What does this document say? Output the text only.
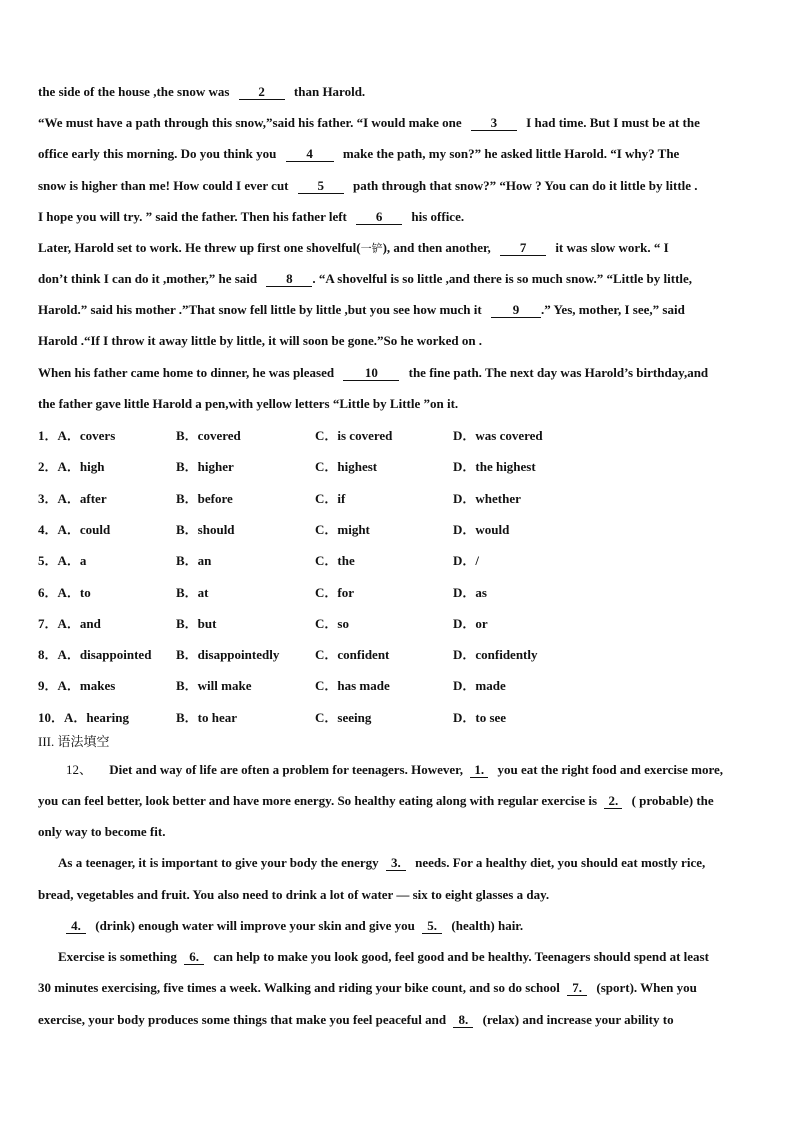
the side of the house ,the snow was 2 than Harold.
“We must have a path through this snow,”said his father. “I would make one 3 I had time. But I must be at the
office early this morning. Do you think you 4 make the path, my son?” he asked little Harold. “I why? The
snow is higher than me! How could I ever cut 5 path through that snow?” “How ? You can do it little by little .
I hope you will try. ” said the father. Then his father left 6 his office.
Later, Harold set to work. He threw up first one shovelful(一铲), and then another, 7 it was slow work. “ I
don’t think I can do it ,mother,” he said 8 . “A shovelful is so little ,and there is so much snow.” “Little by little,
Harold.” said his mother .”That snow fell little by little ,but you see how much it 9 .” Yes, mother, I see,” said
Harold .“If I throw it away little by little, it will soon be gone.”So he worked on .
When his father came home to dinner, he was pleased 10 the fine path. The next day was Harold’s birthday,and
the father gave little Harold a pen,with yellow letters “Little by Little ”on it.
1．A．covers	B．covered	C．is covered	D．was covered
2．A．high	B．higher	C．highest	D．the highest
3．A．after	B．before	C．if	D．whether
4．A．could	B．should	C．might	D．would
5．A．a	B．an	C．the	D．/
6．A．to	B．at	C．for	D．as
7．A．and	B．but	C．so	D．or
8．A．disappointed B．disappointedly	C．confident	D．confidently
9．A．makes	B．will make	C．has made	D．made
10．A．hearing	B．to hear	C．seeing	D．to see
III. 语法填空
12、 Diet and way of life are often a problem for teenagers. However, 1. you eat the right food and exercise more,
you can feel better, look better and have more energy. So healthy eating along with regular exercise is 2. ( probable) the
only way to become fit.
As a teenager, it is important to give your body the energy 3. needs. For a healthy diet, you should eat mostly rice,
bread, vegetables and fruit. You also need to drink a lot of water — six to eight glasses a day.
4. (drink) enough water will improve your skin and give you 5. (health) hair.
Exercise is something 6. can help to make you look good, feel good and be healthy. Teenagers should spend at least
30 minutes exercising, five times a week. Walking and riding your bike count, and so do school 7. (sport). When you
exercise, your body produces some things that make you feel peaceful and 8. (relax) and increase your ability to
